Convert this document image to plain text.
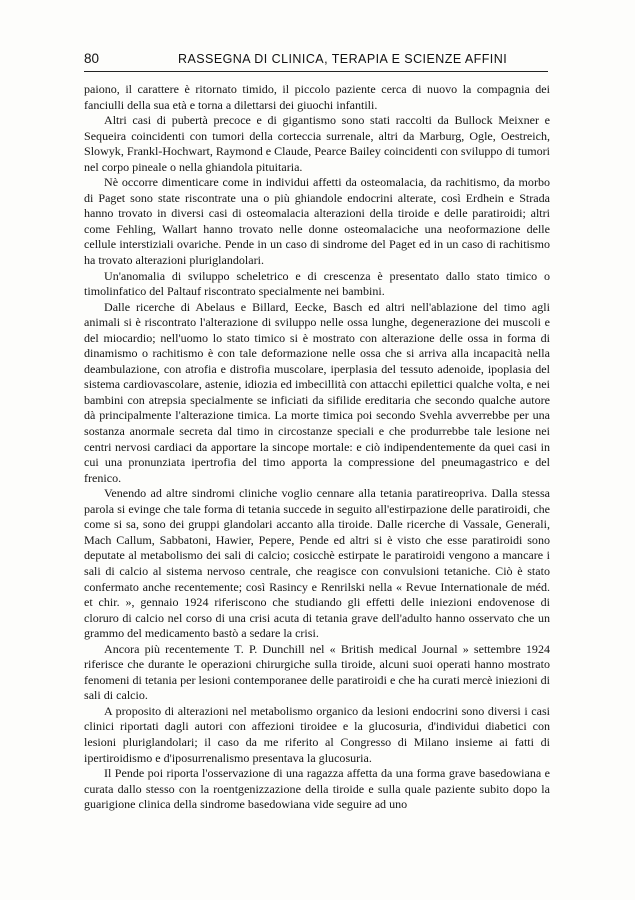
80	RASSEGNA DI CLINICA, TERAPIA E SCIENZE AFFINI

paiono, il carattere è ritornato timido, il piccolo paziente cerca di nuovo la compagnia dei fanciulli della sua età e torna a dilettarsi dei giuochi infantili.

Altri casi di pubertà precoce e di gigantismo sono stati raccolti da Bullock Meixner e Sequeira coincidenti con tumori della corteccia surrenale, altri da Marburg, Ogle, Oestreich, Slowyk, Frankl-Hochwart, Raymond e Claude, Pearce Bailey coincidenti con sviluppo di tumori nel corpo pineale o nella ghiandola pituitaria.

Nè occorre dimenticare come in individui affetti da osteomalacia, da rachitismo, da morbo di Paget sono state riscontrate una o più ghiandole endocrini alterate, così Erdhein e Strada hanno trovato in diversi casi di osteomalacia alterazioni della tiroide e delle paratiroidi; altri come Fehling, Wallart hanno trovato nelle donne osteomalaciche una neoformazione delle cellule interstiziali ovariche. Pende in un caso di sindrome del Paget ed in un caso di rachitismo ha trovato alterazioni pluriglandolari.

Un'anomalia di sviluppo scheletrico e di crescenza è presentato dallo stato timico o timolinfatico del Paltauf riscontrato specialmente nei bambini.

Dalle ricerche di Abelaus e Billard, Eecke, Basch ed altri nell'ablazione del timo agli animali si è riscontrato l'alterazione di sviluppo nelle ossa lunghe, degenerazione dei muscoli e del miocardio; nell'uomo lo stato timico si è mostrato con alterazione delle ossa in forma di dinamismo o rachitismo è con tale deformazione nelle ossa che si arriva alla incapacità nella deambulazione, con atrofia e distrofia muscolare, iperplasia del tessuto adenoide, ipoplasia del sistema cardiovascolare, astenie, idiozia ed imbecillità con attacchi epilettici qualche volta, e nei bambini con atrepsia specialmente se inficiati da sifilide ereditaria che secondo qualche autore dà principalmente l'alterazione timica. La morte timica poi secondo Svehla avverrebbe per una sostanza anormale secreta dal timo in circostanze speciali e che produrrebbe tale lesione nei centri nervosi cardiaci da apportare la sincope mortale: e ciò indipendentemente da quei casi in cui una pronunziata ipertrofia del timo apporta la compressione del pneumagastrico e del frenico.

Venendo ad altre sindromi cliniche voglio cennare alla tetania paratireopriva. Dalla stessa parola si evinge che tale forma di tetania succede in seguito all'estirpazione delle paratiroidi, che come si sa, sono dei gruppi glandolari accanto alla tiroide. Dalle ricerche di Vassale, Generali, Mach Callum, Sabbatoni, Hawier, Pepere, Pende ed altri si è visto che esse paratiroidi sono deputate al metabolismo dei sali di calcio; cosicchè estirpate le paratiroidi vengono a mancare i sali di calcio al sistema nervoso centrale, che reagisce con convulsioni tetaniche. Ciò è stato confermato anche recentemente; così Rasincy e Renrilski nella « Revue Internationale de méd. et chir. », gennaio 1924 riferiscono che studiando gli effetti delle iniezioni endovenose di cloruro di calcio nel corso di una crisi acuta di tetania grave dell'adulto hanno osservato che un grammo del medicamento bastò a sedare la crisi.

Ancora più recentemente T. P. Dunchill nel « British medical Journal » settembre 1924 riferisce che durante le operazioni chirurgiche sulla tiroide, alcuni suoi operati hanno mostrato fenomeni di tetania per lesioni contemporanee delle paratiroidi e che ha curati mercè iniezioni di sali di calcio.

A proposito di alterazioni nel metabolismo organico da lesioni endocrini sono diversi i casi clinici riportati dagli autori con affezioni tiroidee e la glucosuria, d'individui diabetici con lesioni pluriglandolari; il caso da me riferito al Congresso di Milano insieme ai fatti di ipertiroidismo e d'iposurrenalismo presentava la glucosuria.

Il Pende poi riporta l'osservazione di una ragazza affetta da una forma grave basedowiana e curata dallo stesso con la roentgenizzazione della tiroide e sulla quale paziente subito dopo la guarigione clinica della sindrome basedowiana vide seguire ad uno
